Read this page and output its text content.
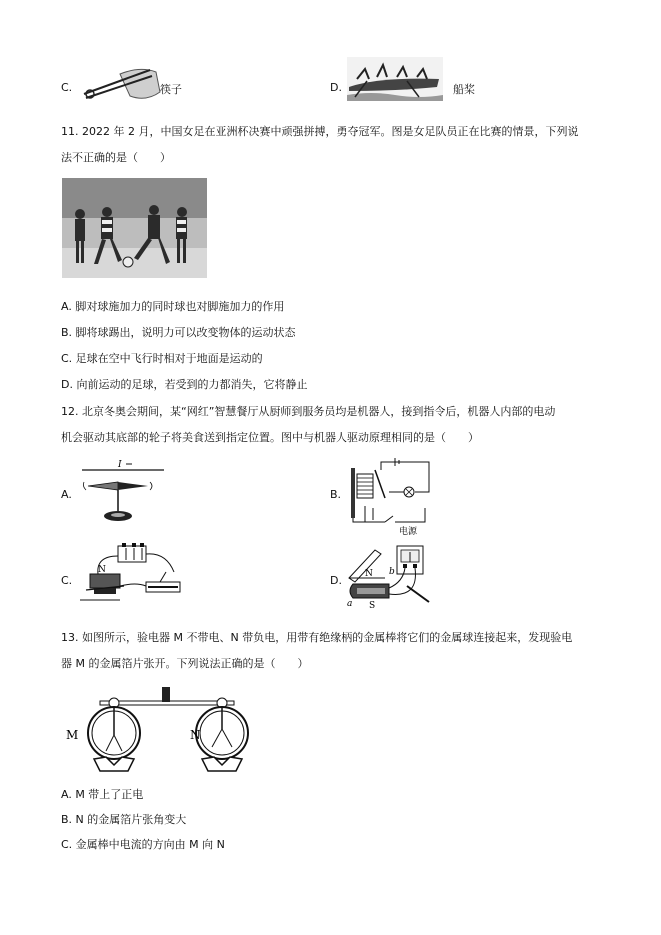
C.	筷子	D.	船桨
11. 2022 年 2 月，中国女足在亚洲杯决赛中顽强拼搏，勇夺冠军。图是女足队员正在比赛的情景，下列说
法不正确的是（　　）
A. 脚对球施加力的同时球也对脚施加力的作用
B. 脚将球踢出，说明力可以改变物体的运动状态
C. 足球在空中飞行时相对于地面是运动的
D. 向前运动的足球，若受到的力都消失，它将静止
12. 北京冬奥会期间，某“网红”智慧餐厅从厨师到服务员均是机器人，接到指令后，机器人内部的电动
机会驱动其底部的轮子将美食送到指定位置。图中与机器人驱动原理相同的是（　　）
A.
I
B.
电源
C.
N
D.	N b
S
a
13. 如图所示，验电器 M 不带电、N 带负电，用带有绝缘柄的金属棒将它们的金属球连接起来，发现验电
器 M 的金属箔片张开。下列说法正确的是（　　）
M	N
A. M 带上了正电
B. N 的金属箔片张角变大
C. 金属棒中电流的方向由 M 向 N
